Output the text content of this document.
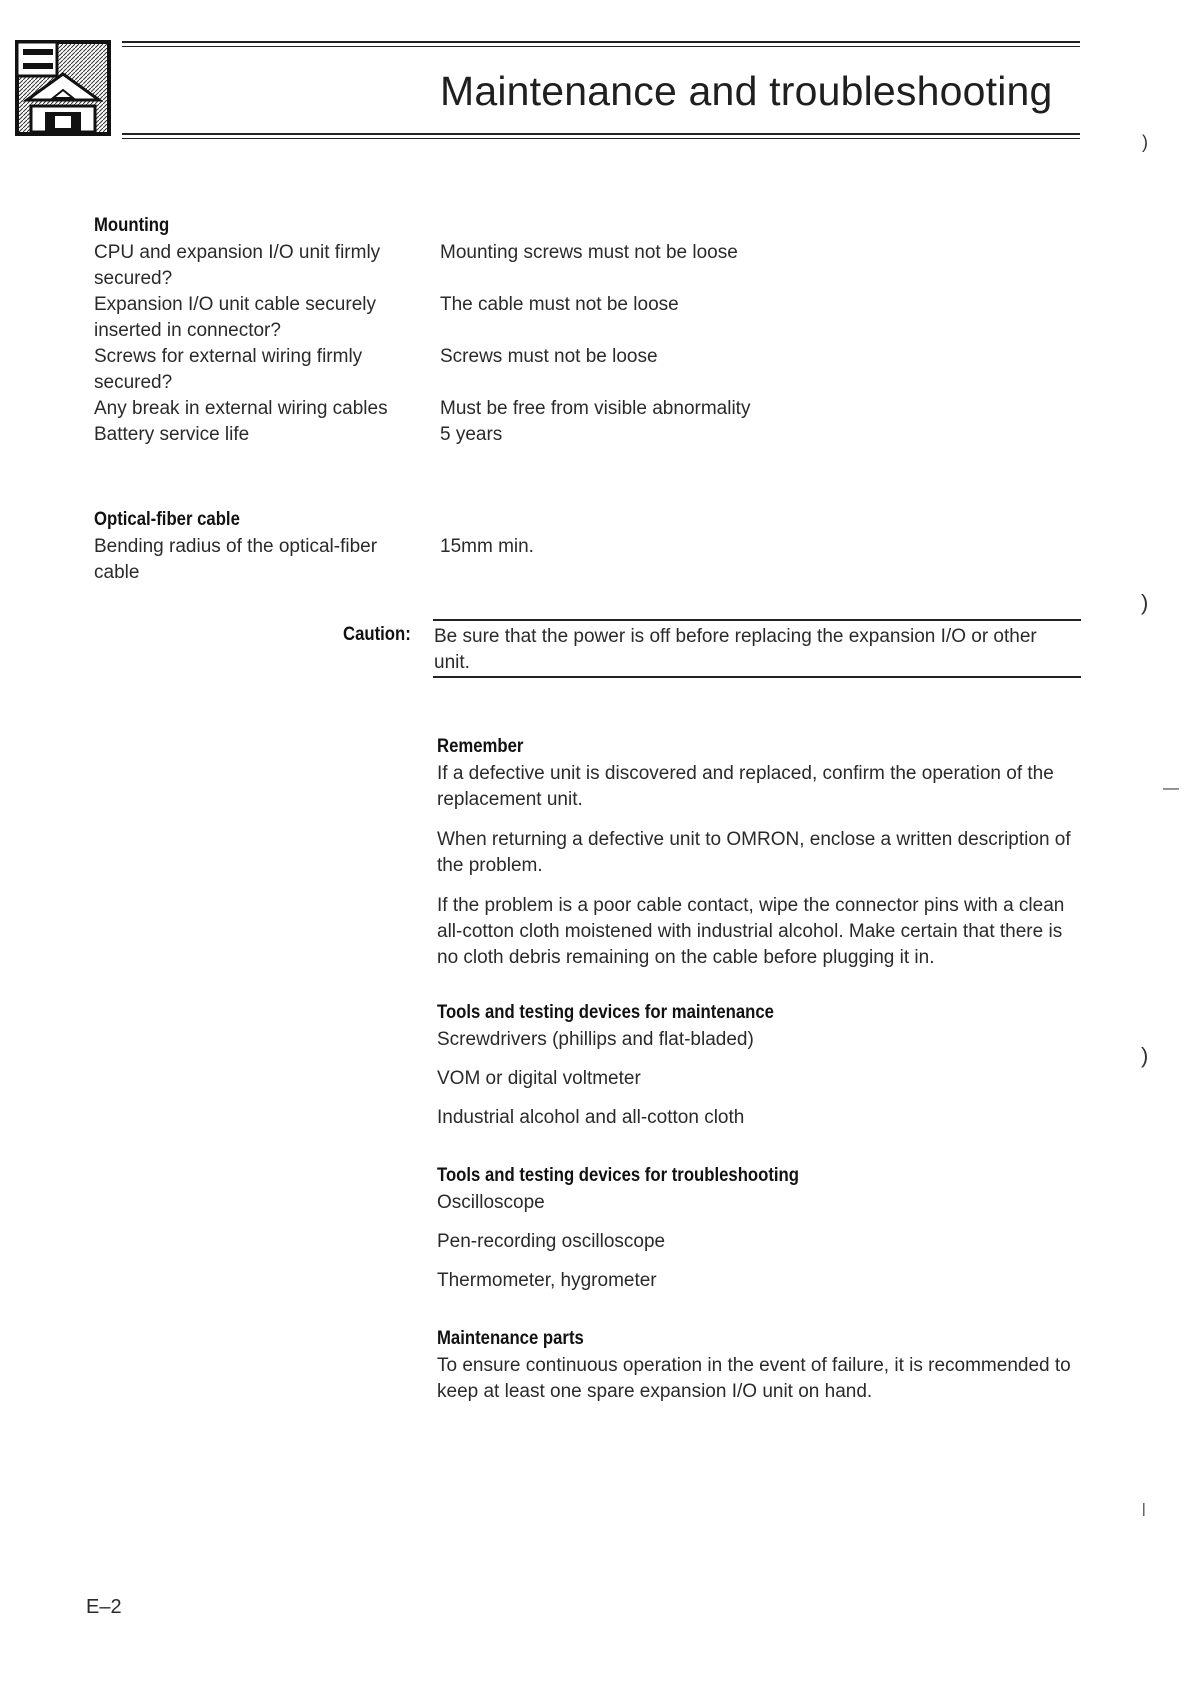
Maintenance and troubleshooting
Mounting
CPU and expansion I/O unit firmly secured?
Mounting screws must not be loose
Expansion I/O unit cable securely inserted in connector?
The cable must not be loose
Screws for external wiring firmly secured?
Screws must not be loose
Any break in external wiring cables	Must be free from visible abnormality
Battery service life	5 years
Optical-fiber cable
Bending radius of the optical-fiber cable
15mm min.
Caution: Be sure that the power is off before replacing the expansion I/O or other unit.
Remember

If a defective unit is discovered and replaced, confirm the operation of the replacement unit.

When returning a defective unit to OMRON, enclose a written description of the problem.

If the problem is a poor cable contact, wipe the connector pins with a clean all-cotton cloth moistened with industrial alcohol. Make certain that there is no cloth debris remaining on the cable before plugging it in.

Tools and testing devices for maintenance
Screwdrivers (phillips and flat-bladed)
VOM or digital voltmeter
Industrial alcohol and all-cotton cloth
Tools and testing devices for troubleshooting
Oscilloscope
Pen-recording oscilloscope
Thermometer, hygrometer
Maintenance parts
To ensure continuous operation in the event of failure, it is recommended to keep at least one spare expansion I/O unit on hand.
E–2
)
)
—
)
|
